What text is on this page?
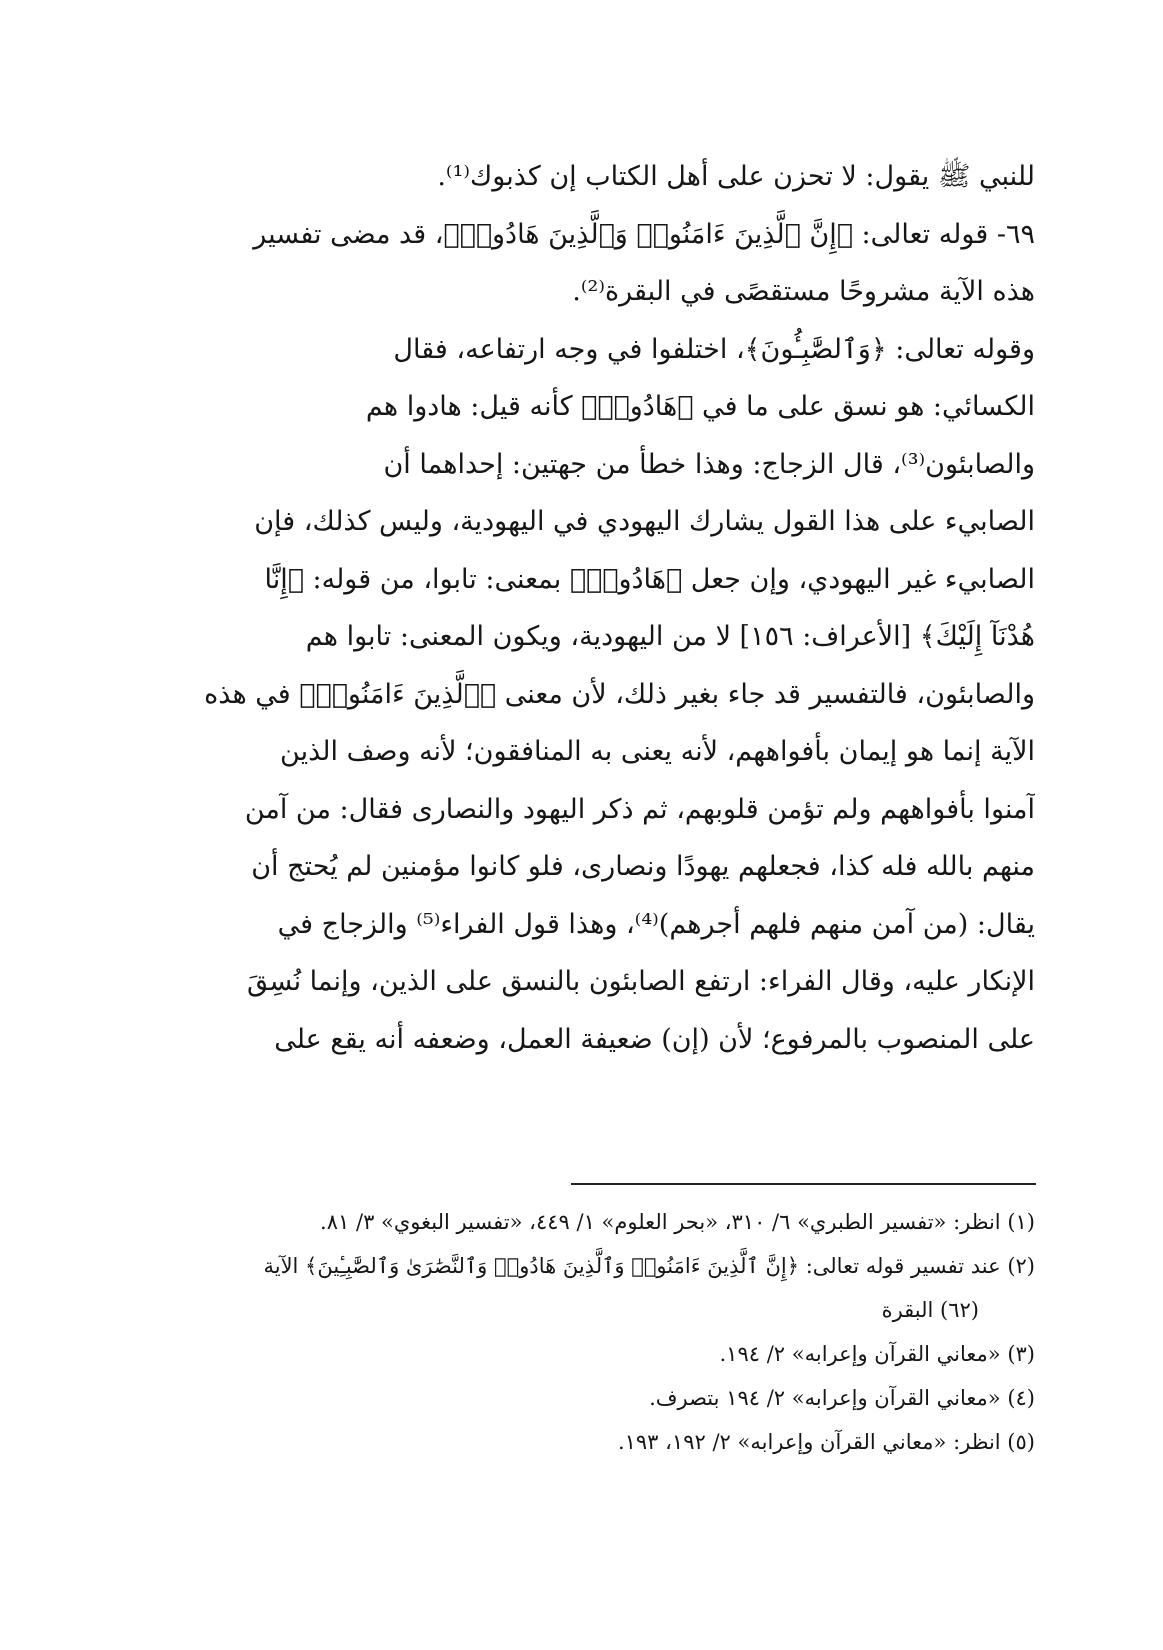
للنبي ﷺ يقول: لا تحزن على أهل الكتاب إن كذبوك⁽¹⁾.
٦٩- قوله تعالى: ﴿إِنَّ ٱلَّذِينَ ءَامَنُوا۟ وَٱلَّذِينَ هَادُوا۟﴾، قد مضى تفسير
هذه الآية مشروحًا مستقصًى في البقرة⁽²⁾.
وقوله تعالى: ﴿وَٱلصَّٰبِـُٔونَ﴾، اختلفوا في وجه ارتفاعه، فقال
الكسائي: هو نسق على ما في ﴿هَادُوا۟﴾ كأنه قيل: هادوا هم
والصابئون⁽³⁾، قال الزجاج: وهذا خطأ من جهتين: إحداهما أن
الصابيء على هذا القول يشارك اليهودي في اليهودية، وليس كذلك، فإن
الصابيء غير اليهودي، وإن جعل ﴿هَادُوا۟﴾ بمعنى: تابوا، من قوله: ﴿إِنَّا
هُدْنَآ إِلَيْكَ﴾ [الأعراف: ١٥٦] لا من اليهودية، ويكون المعنى: تابوا هم
والصابئون، فالتفسير قد جاء بغير ذلك، لأن معنى ﴿ٱلَّذِينَ ءَامَنُوا۟﴾ في هذه
الآية إنما هو إيمان بأفواههم، لأنه يعنى به المنافقون؛ لأنه وصف الذين
آمنوا بأفواههم ولم تؤمن قلوبهم، ثم ذكر اليهود والنصارى فقال: من آمن
منهم بالله فله كذا، فجعلهم يهودًا ونصارى، فلو كانوا مؤمنين لم يُحتج أن
يقال: (من آمن منهم فلهم أجرهم)⁽⁴⁾، وهذا قول الفراء⁽⁵⁾ والزجاج في
الإنكار عليه، وقال الفراء: ارتفع الصابئون بالنسق على الذين، وإنما نُسِقَ
على المنصوب بالمرفوع؛ لأن (إن) ضعيفة العمل، وضعفه أنه يقع على
(١) انظر: «تفسير الطبري» ٦/ ٣١٠، «بحر العلوم» ١/ ٤٤٩، «تفسير البغوي» ٣/ ٨١.
(٢) عند تفسير قوله تعالى: ﴿إِنَّ ٱلَّذِينَ ءَامَنُوا۟ وَٱلَّذِينَ هَادُوا۟ وَٱلنَّصَٰرَىٰ وَٱلصَّٰبِـِٔينَ﴾ الآية
(٦٢) البقرة
(٣) «معاني القرآن وإعرابه» ٢/ ١٩٤.
(٤) «معاني القرآن وإعرابه» ٢/ ١٩٤ بتصرف.
(٥) انظر: «معاني القرآن وإعرابه» ٢/ ١٩٢، ١٩٣.
